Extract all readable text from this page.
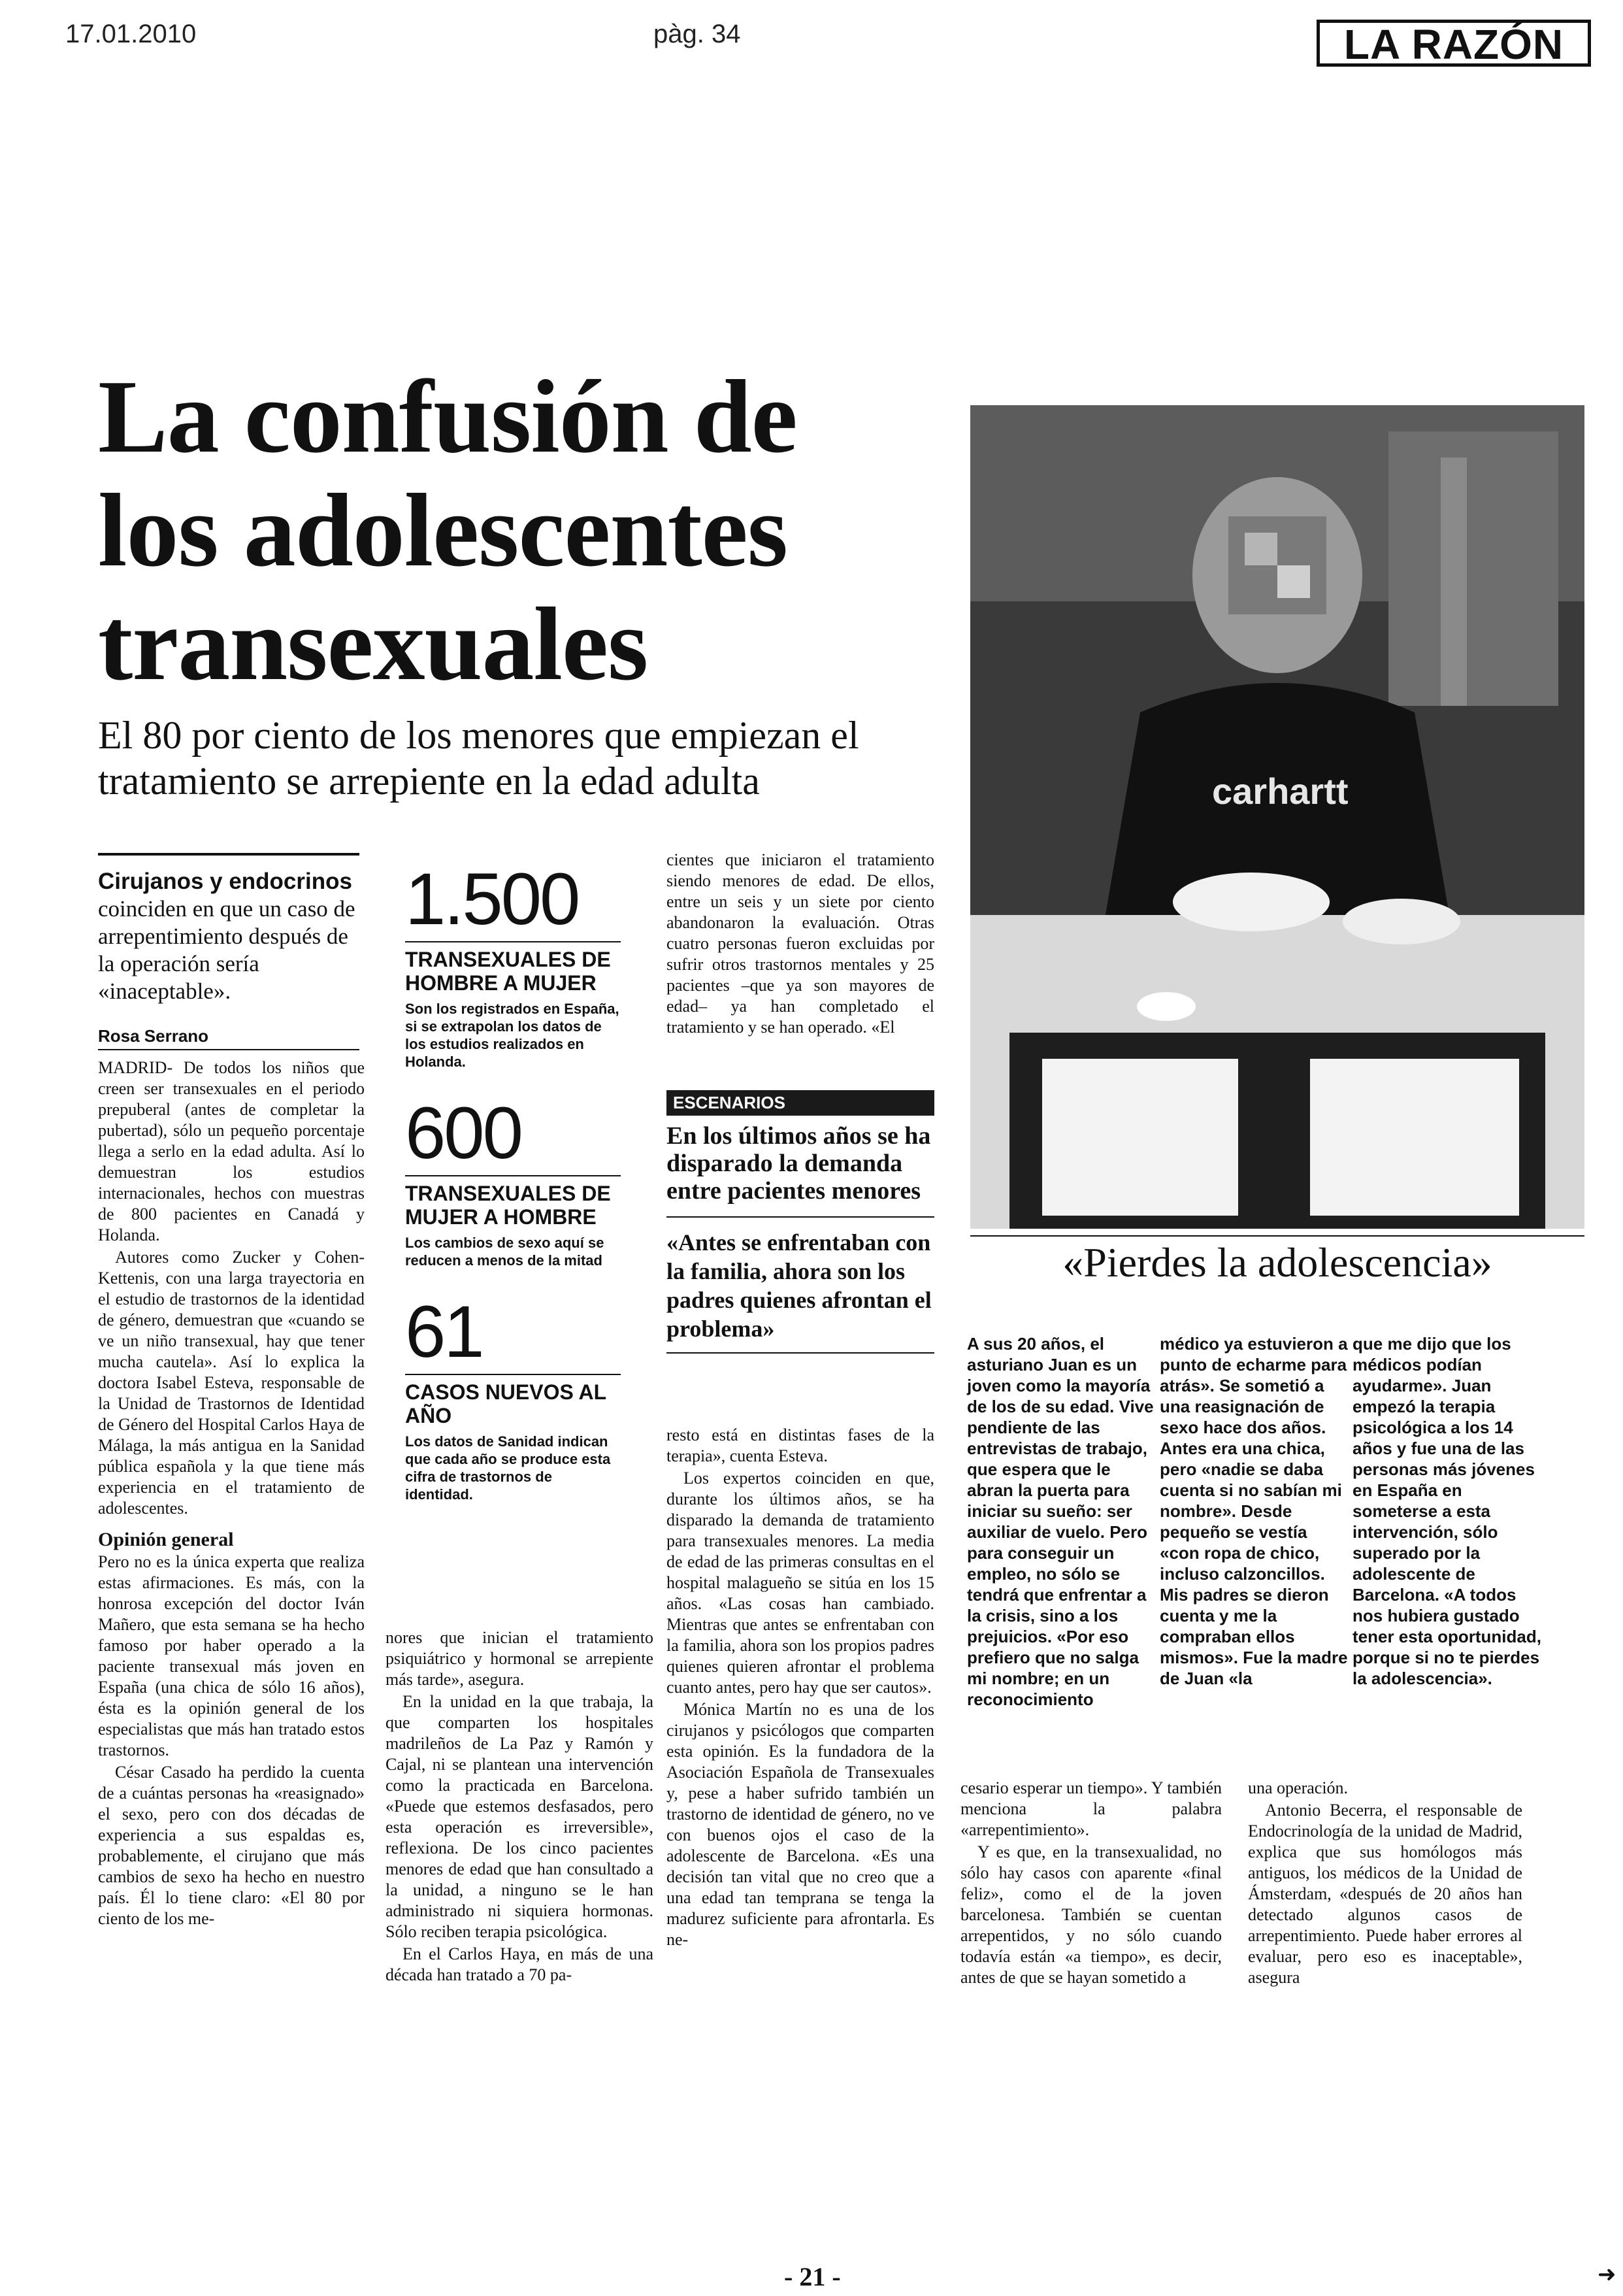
17.01.2010	pàg. 34	LA RAZÓN
La confusión de los adolescentes transexuales
El 80 por ciento de los menores que empiezan el tratamiento se arrepiente en la edad adulta
Cirujanos y endocrinos
coinciden en que un caso de arrepentimiento después de la operación sería «inaceptable».
Rosa Serrano

MADRID- De todos los niños que creen ser transexuales en el periodo prepuberal (antes de completar la pubertad), sólo un pequeño porcentaje llega a serlo en la edad adulta. Así lo demuestran los estudios internacionales, hechos con muestras de 800 pacientes en Canadá y Holanda.

Autores como Zucker y Cohen-Kettenis, con una larga trayectoria en el estudio de trastornos de la identidad de género, demuestran que «cuando se ve un niño transexual, hay que tener mucha cautela». Así lo explica la doctora Isabel Esteva, responsable de la Unidad de Trastornos de Identidad de Género del Hospital Carlos Haya de Málaga, la más antigua en la Sanidad pública española y la que tiene más experiencia en el tratamiento de adolescentes.

Opinión general

Pero no es la única experta que realiza estas afirmaciones. Es más, con la honrosa excepción del doctor Iván Mañero, que esta semana se ha hecho famoso por haber operado a la paciente transexual más joven en España (una chica de sólo 16 años), ésta es la opinión general de los especialistas que más han tratado estos trastornos.

César Casado ha perdido la cuenta de a cuántas personas ha «reasignado» el sexo, pero con dos décadas de experiencia a sus espaldas es, probablemente, el cirujano que más cambios de sexo ha hecho en nuestro país. Él lo tiene claro: «El 80 por ciento de los me-

1.500
TRANSEXUALES DE HOMBRE A MUJER
Son los registrados en España, si se extrapolan los datos de los estudios realizados en Holanda.
600
TRANSEXUALES DE MUJER A HOMBRE
Los cambios de sexo aquí se reducen a menos de la mitad
61
CASOS NUEVOS AL AÑO
Los datos de Sanidad indican que cada año se produce esta cifra de trastornos de identidad.

nores que inician el tratamiento psiquiátrico y hormonal se arrepiente más tarde», asegura.

En la unidad en la que trabaja, la que comparten los hospitales madrileños de La Paz y Ramón y Cajal, ni se plantean una intervención como la practicada en Barcelona. «Puede que estemos desfasados, pero esta operación es irreversible», reflexiona. De los cinco pacientes menores de edad que han consultado a la unidad, a ninguno se le han administrado ni siquiera hormonas. Sólo reciben terapia psicológica.

En el Carlos Haya, en más de una década han tratado a 70 pa-

cientes que iniciaron el tratamiento siendo menores de edad. De ellos, entre un seis y un siete por ciento abandonaron la evaluación. Otras cuatro personas fueron excluidas por sufrir otros trastornos mentales y 25 pacientes –que ya son mayores de edad– ya han completado el tratamiento y se han operado. «El

ESCENARIOS
En los últimos años se ha disparado la demanda entre pacientes menores
«Antes se enfrentaban con la familia, ahora son los padres quienes afrontan el problema»

resto está en distintas fases de la terapia», cuenta Esteva.

Los expertos coinciden en que, durante los últimos años, se ha disparado la demanda de tratamiento para transexuales menores. La media de edad de las primeras consultas en el hospital malagueño se sitúa en los 15 años. «Las cosas han cambiado. Mientras que antes se enfrentaban con la familia, ahora son los propios padres quienes quieren afrontar el problema cuanto antes, pero hay que ser cautos».

Mónica Martín no es una de los cirujanos y psicólogos que comparten esta opinión. Es la fundadora de la Asociación Española de Transexuales y, pese a haber sufrido también un trastorno de identidad de género, no ve con buenos ojos el caso de la adolescente de Barcelona. «Es una decisión tan vital que no creo que a una edad tan temprana se tenga la madurez suficiente para afrontarla. Es ne-

carhartt
«Pierdes la adolescencia»
A sus 20 años, el asturiano Juan es un joven como la mayoría de los de su edad. Vive pendiente de las entrevistas de trabajo, que espera que le abran la puerta para iniciar su sueño: ser auxiliar de vuelo. Pero para conseguir un empleo, no sólo se tendrá que enfrentar a la crisis, sino a los prejuicios. «Por eso prefiero que no salga mi nombre; en un reconocimiento
médico ya estuvieron a punto de echarme para atrás». Se sometió a una reasignación de sexo hace dos años. Antes era una chica, pero «nadie se daba cuenta si no sabían mi nombre». Desde pequeño se vestía «con ropa de chico, incluso calzoncillos. Mis padres se dieron cuenta y me la compraban ellos mismos». Fue la madre de Juan «la
que me dijo que los médicos podían ayudarme». Juan empezó la terapia psicológica a los 14 años y fue una de las personas más jóvenes en España en someterse a esta intervención, sólo superado por la adolescente de Barcelona. «A todos nos hubiera gustado tener esta oportunidad, porque si no te pierdes la adolescencia».

cesario esperar un tiempo». Y también menciona la palabra «arrepentimiento».

Y es que, en la transexualidad, no sólo hay casos con aparente «final feliz», como el de la joven barcelonesa. También se cuentan arrepentidos, y no sólo cuando todavía están «a tiempo», es decir, antes de que se hayan sometido a

una operación.

Antonio Becerra, el responsable de Endocrinología de la unidad de Madrid, explica que sus homólogos más antiguos, los médicos de la Unidad de Ámsterdam, «después de 20 años han detectado algunos casos de arrepentimiento. Puede haber errores al evaluar, pero eso es inaceptable», asegura

- 21 -	➜
